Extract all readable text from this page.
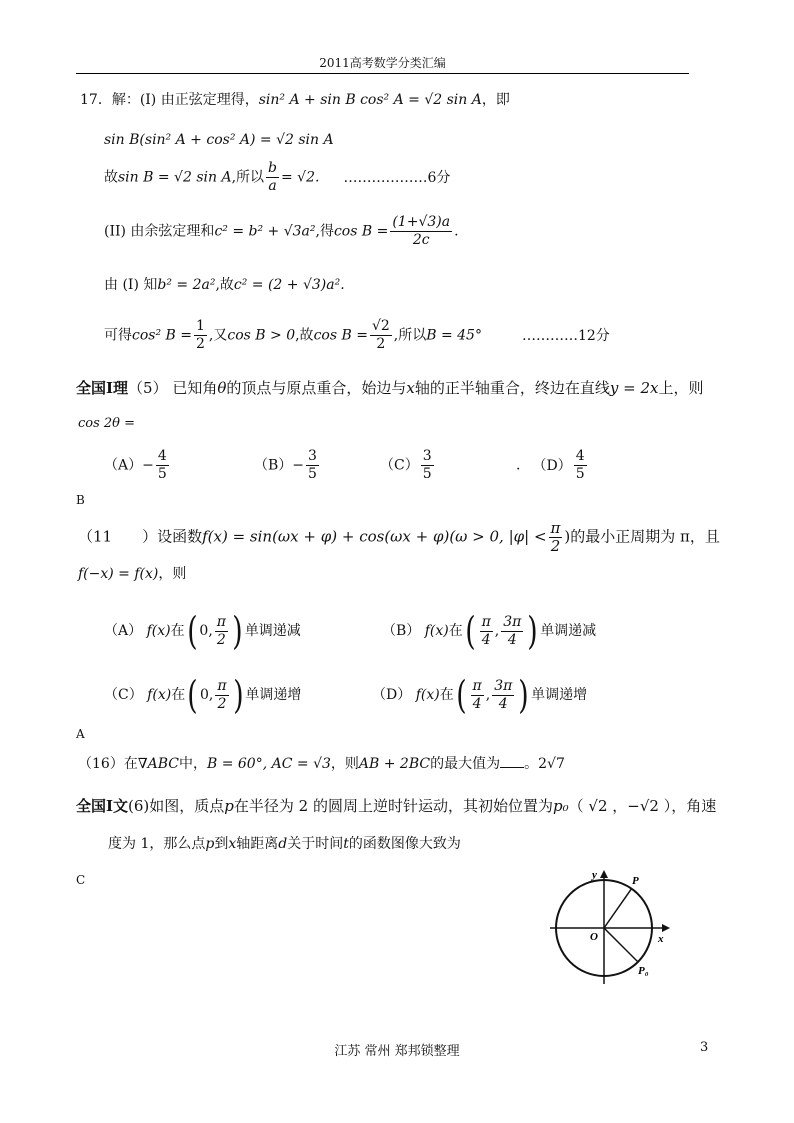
2011高考数学分类汇编
17．解：(I) 由正弦定理得，sin² A + sin B cos² A = √2 sin A，即
sin B(sin² A + cos² A) = √2 sin A
故sin B = √2 sin A,所以 $\frac{b}{a} = √2$. ………………6分
(II) 由余弦定理和c² = b² + √3a²,得$\cos B = \frac{(1+√3)a}{2c}$ .
由 (I) 知b² = 2a²,故c² = (2 + √3)a².
可得cos² $B = \frac{1}{2}$ ,又cos B > 0,故$\cos B = \frac{√2}{2}$ ,所以B = 45°	…………12分
全国Ⅰ理（5） 已知角θ的顶点与原点重合，始边与x轴的正半轴重合，终边在直线y = 2x上，则
cos 2θ =
$(A)- \frac{4}{5}$	$(B)- \frac{3}{5}$	$(C) \frac{3}{5}$	. $(D) \frac{4}{5}$
B
（11　　）设函数f(x) = sin(ωx + φ) + cos(ωx + φ)(ω > 0, $|\varphi| < \frac{\pi}{2}$ )的最小正周期为 π，且
f(−x) = f(x)，则
（A） f(x)在( 0, $\frac{\pi}{2}$ ) 单调递减	（B） f(x)在( $\frac{\pi}{4}$ , $\frac{3\pi}{4}$ ) 单调递减
（C） f(x)在( 0, $\frac{\pi}{2}$ ) 单调递增	（D） f(x)在( $\frac{\pi}{4}$ , $\frac{3\pi}{4}$ ) 单调递增
A
（16）在∇ABC中，B = 60°, AC = √3，则AB + 2BC的最大值为 。2√7
全国Ⅰ文(6)如图，质点p在半径为 2 的圆周上逆时针运动，其初始位置为p₀（ √2 ，−√2 ），角速
度为 1，那么点p到x轴距离d关于时间t的函数图像大致为
C	y
x
O
P
P₀
江苏 常州 郑邦锁整理	3
